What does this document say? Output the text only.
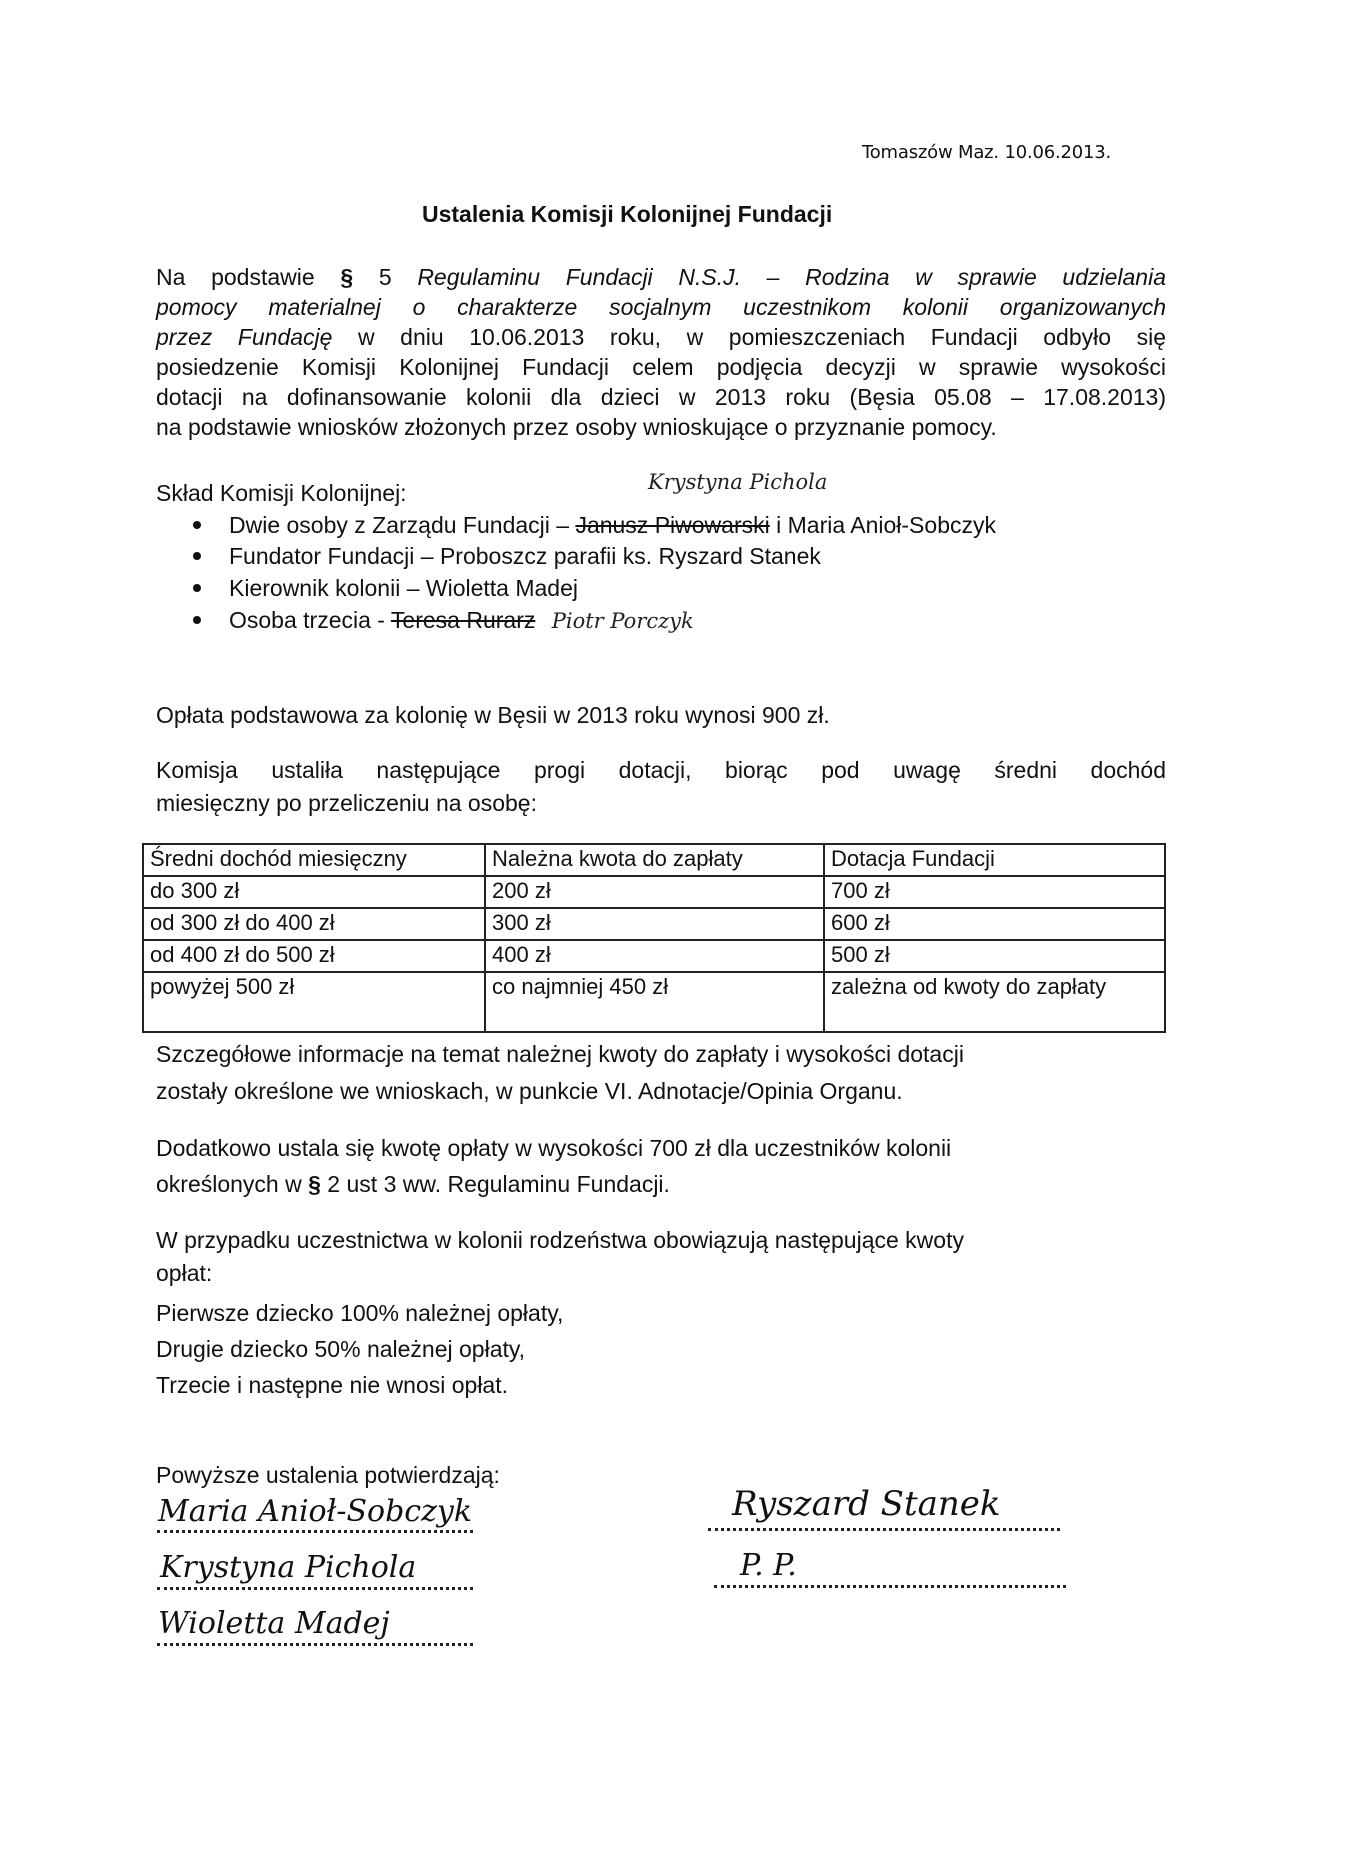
Tomaszów Maz. 10.06.2013.
Ustalenia Komisji Kolonijnej Fundacji
Na podstawie § 5 Regulaminu Fundacji N.S.J. – Rodzina w sprawie udzielania
pomocy materialnej o charakterze socjalnym uczestnikom kolonii organizowanych
przez Fundację w dniu 10.06.2013 roku, w pomieszczeniach Fundacji odbyło się
posiedzenie Komisji Kolonijnej Fundacji celem podjęcia decyzji w sprawie wysokości
dotacji na dofinansowanie kolonii dla dzieci w 2013 roku (Bęsia 05.08 – 17.08.2013)
na podstawie wniosków złożonych przez osoby wnioskujące o przyznanie pomocy.
Skład Komisji Kolonijnej:	Krystyna Pichola
Dwie osoby z Zarządu Fundacji – Janusz Piwowarski i Maria Anioł-Sobczyk
Fundator Fundacji – Proboszcz parafii ks. Ryszard Stanek
Kierownik kolonii – Wioletta Madej
Osoba trzecia - Teresa Rurarz Piotr Porczyk
Opłata podstawowa za kolonię w Bęsii w 2013 roku wynosi 900 zł.
Komisja ustaliła następujące progi dotacji, biorąc pod uwagę średni dochód
miesięczny po przeliczeniu na osobę:
Średni dochód miesięczny	Należna kwota do zapłaty	Dotacja Fundacji
do 300 zł	200 zł	700 zł
od 300 zł do 400 zł	300 zł	600 zł
od 400 zł do 500 zł	400 zł	500 zł
powyżej 500 zł	co najmniej 450 zł	zależna od kwoty do zapłaty
Szczegółowe informacje na temat należnej kwoty do zapłaty i wysokości dotacji
zostały określone we wnioskach, w punkcie VI. Adnotacje/Opinia Organu.
Dodatkowo ustala się kwotę opłaty w wysokości 700 zł dla uczestników kolonii
określonych w § 2 ust 3 ww. Regulaminu Fundacji.
W przypadku uczestnictwa w kolonii rodzeństwa obowiązują następujące kwoty
opłat:
Pierwsze dziecko 100% należnej opłaty,
Drugie dziecko 50% należnej opłaty,
Trzecie i następne nie wnosi opłat.
Powyższe ustalenia potwierdzają:
Maria Anioł-Sobczyk
Krystyna Pichola
Wioletta Madej
Ryszard Stanek
P. P.
